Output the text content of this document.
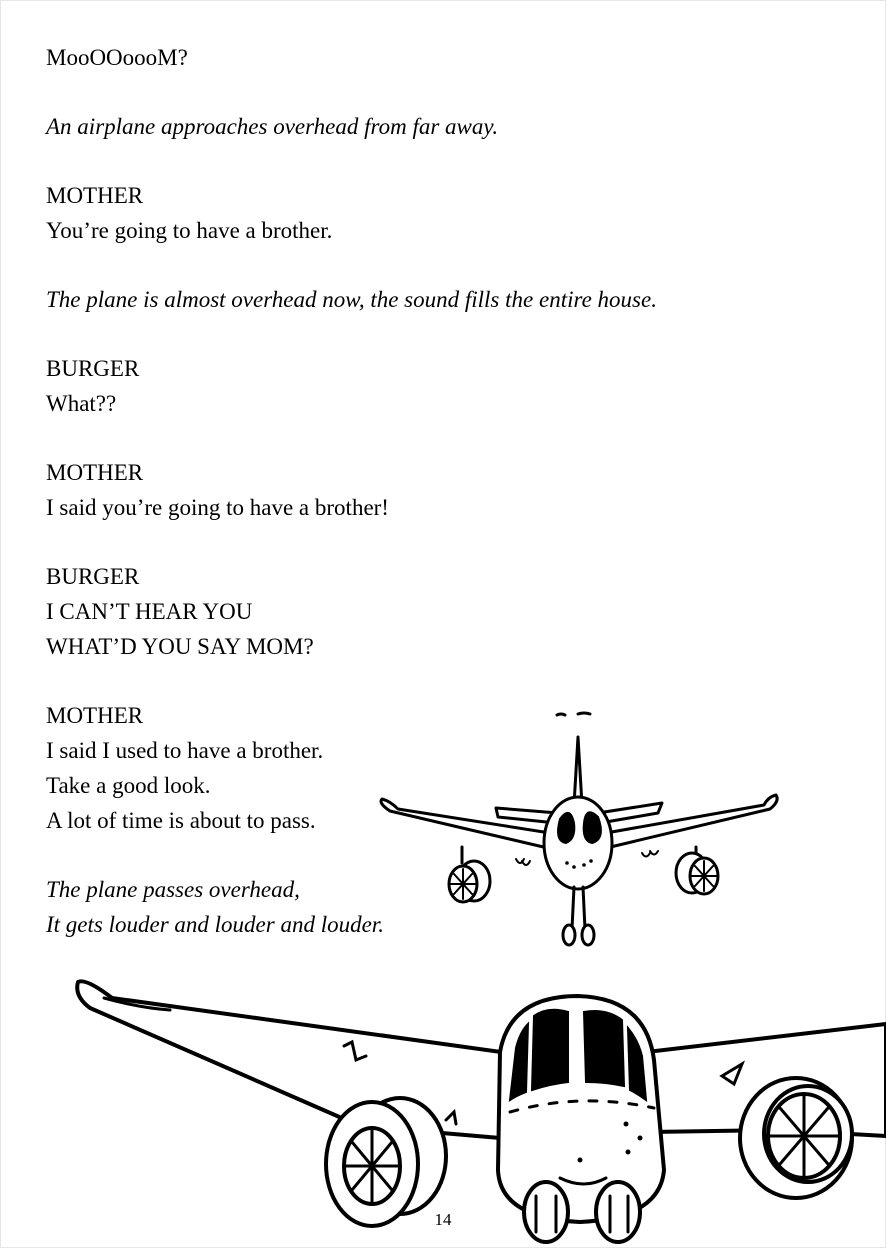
MooOOoooM?
An airplane approaches overhead from far away.
MOTHER
You’re going to have a brother.
The plane is almost overhead now, the sound fills the entire house.
BURGER
What??
MOTHER
I said you’re going to have a brother!
BURGER
I CAN’T HEAR YOU
WHAT’D YOU SAY MOM?
MOTHER
I said I used to have a brother.
Take a good look.
A lot of time is about to pass.
The plane passes overhead,
It gets louder and louder and louder.
14
